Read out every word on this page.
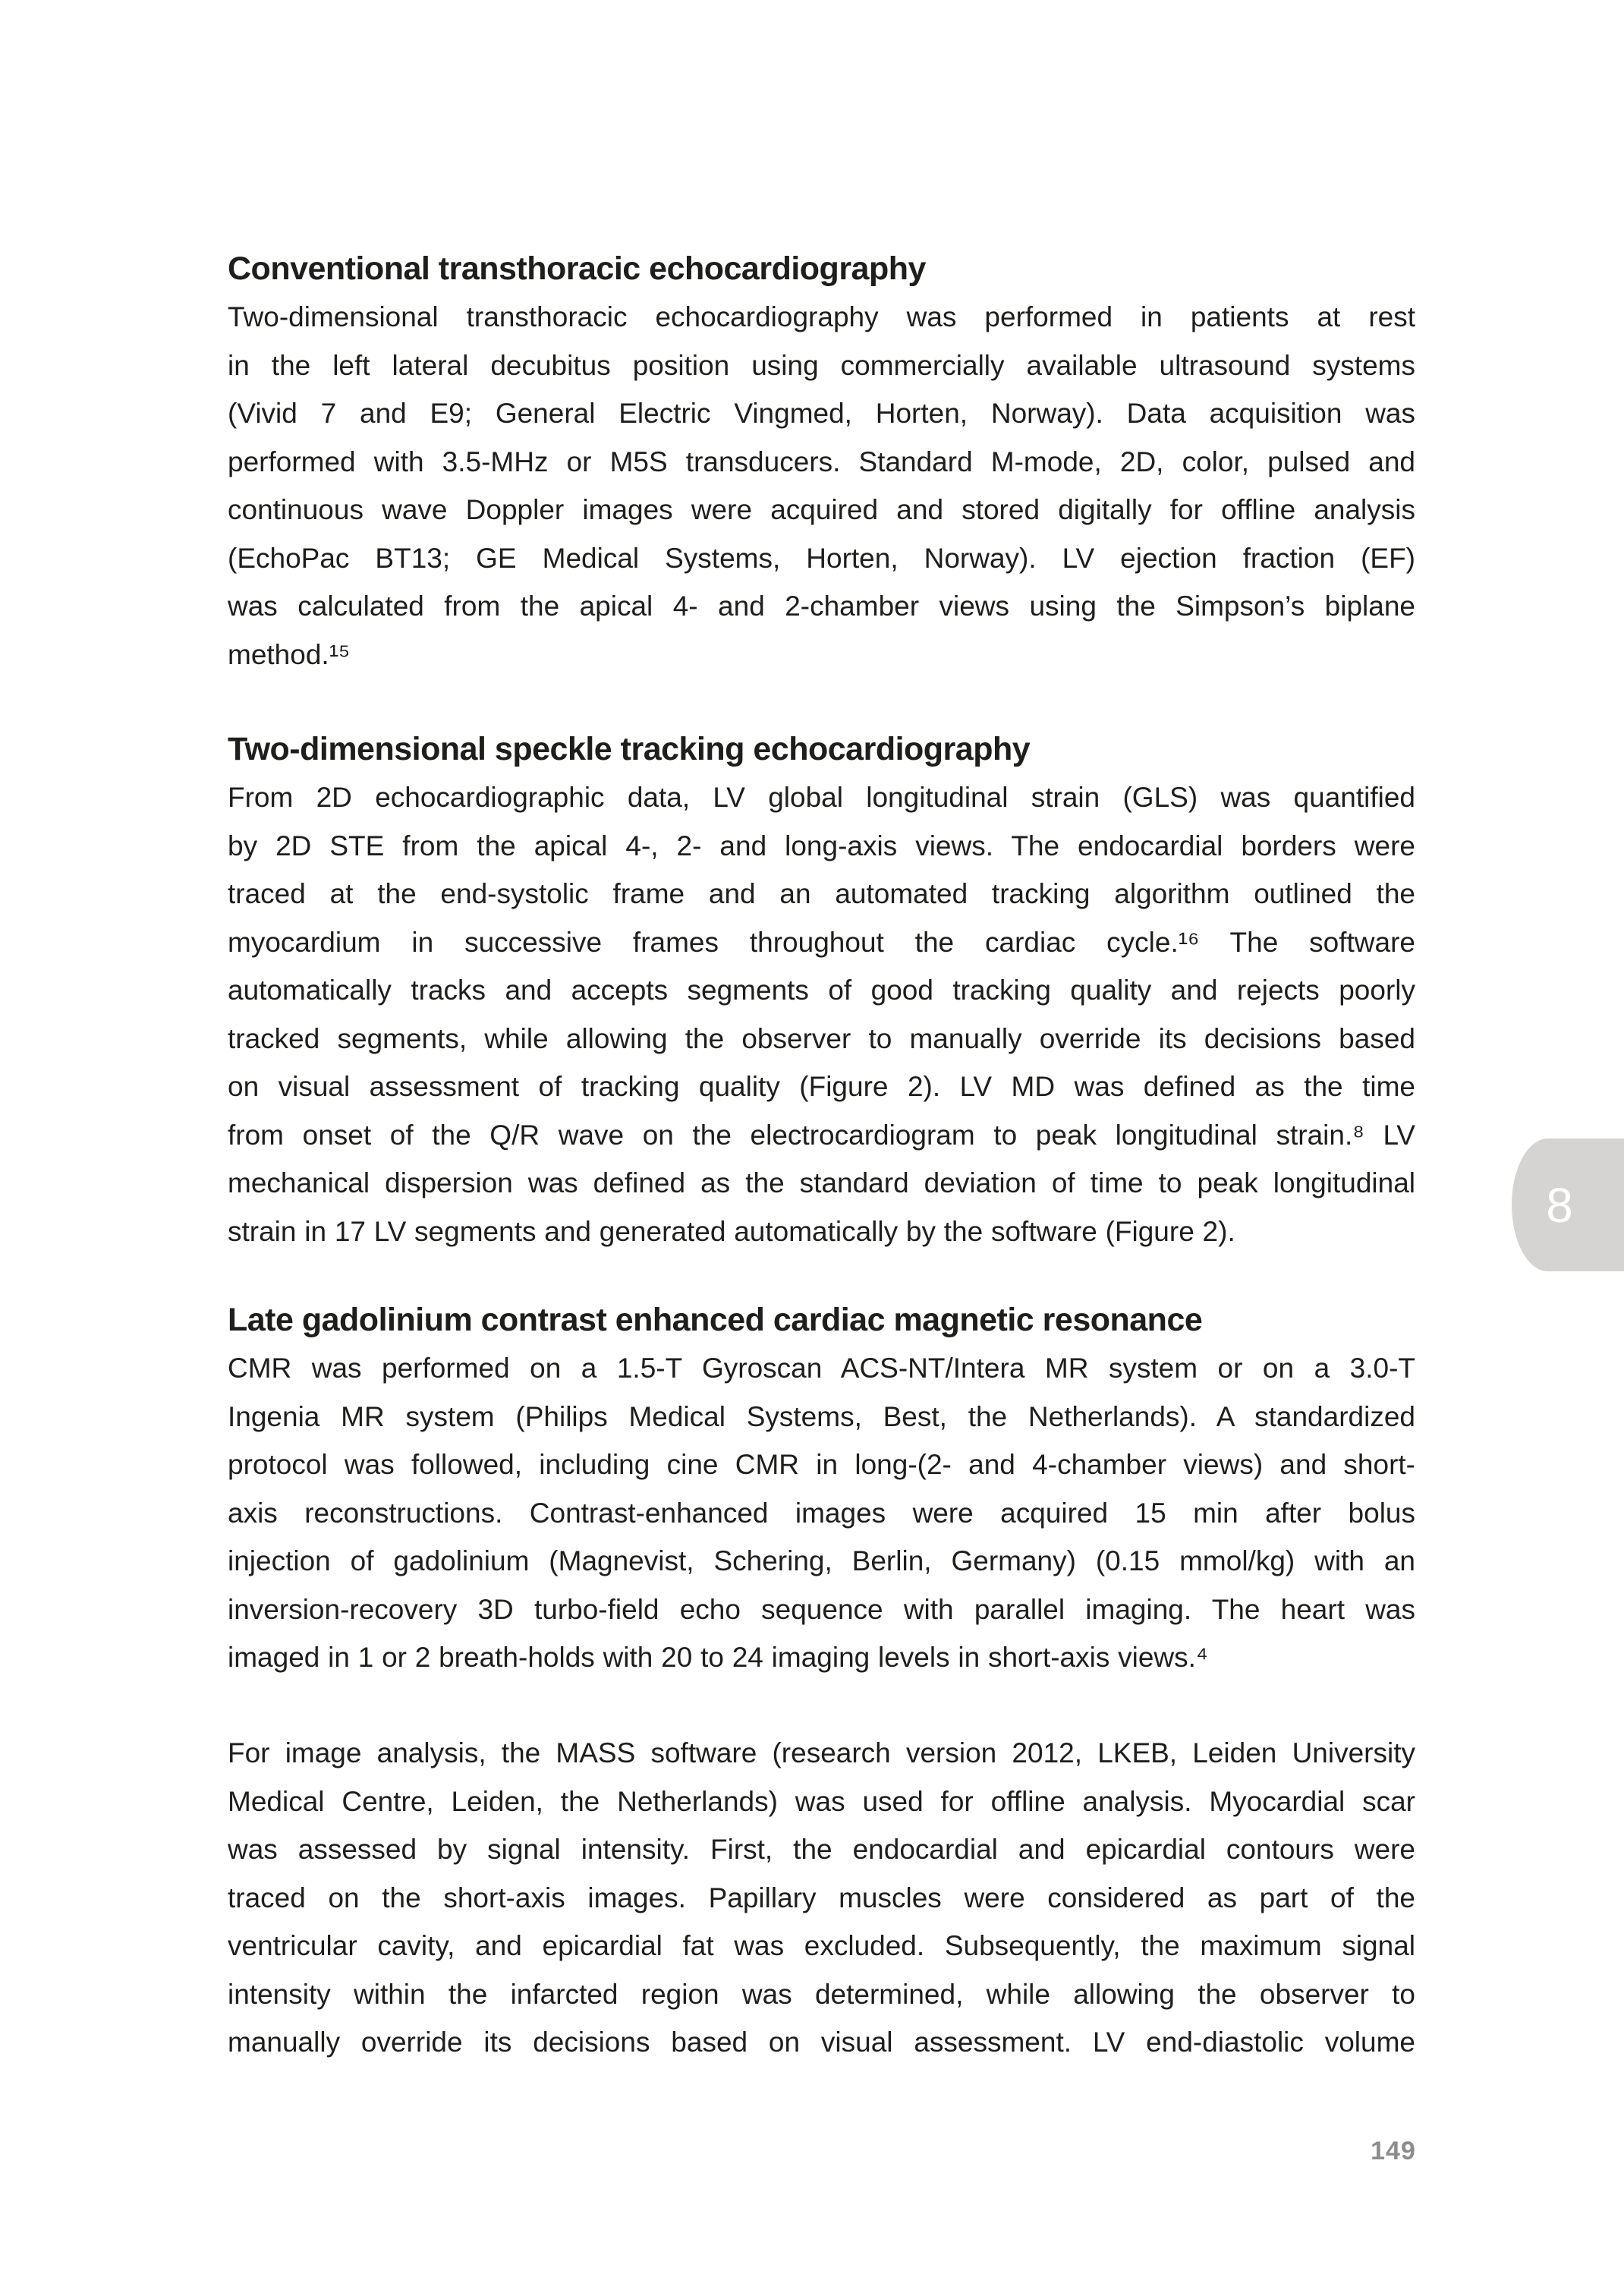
Conventional transthoracic echocardiography
Two-dimensional transthoracic echocardiography was performed in patients at rest
in the left lateral decubitus position using commercially available ultrasound systems
(Vivid 7 and E9; General Electric Vingmed, Horten, Norway). Data acquisition was
performed with 3.5-MHz or M5S transducers. Standard M-mode, 2D, color, pulsed and
continuous wave Doppler images were acquired and stored digitally for offline analysis
(EchoPac BT13; GE Medical Systems, Horten, Norway). LV ejection fraction (EF)
was calculated from the apical 4- and 2-chamber views using the Simpson’s biplane
method.¹⁵
Two-dimensional speckle tracking echocardiography
From 2D echocardiographic data, LV global longitudinal strain (GLS) was quantified
by 2D STE from the apical 4-, 2- and long-axis views. The endocardial borders were
traced at the end-systolic frame and an automated tracking algorithm outlined the
myocardium in successive frames throughout the cardiac cycle.¹⁶ The software
automatically tracks and accepts segments of good tracking quality and rejects poorly
tracked segments, while allowing the observer to manually override its decisions based
on visual assessment of tracking quality (Figure 2). LV MD was defined as the time
from onset of the Q/R wave on the electrocardiogram to peak longitudinal strain.⁸ LV
mechanical dispersion was defined as the standard deviation of time to peak longitudinal
strain in 17 LV segments and generated automatically by the software (Figure 2).
Late gadolinium contrast enhanced cardiac magnetic resonance
CMR was performed on a 1.5-T Gyroscan ACS-NT/Intera MR system or on a 3.0-T
Ingenia MR system (Philips Medical Systems, Best, the Netherlands). A standardized
protocol was followed, including cine CMR in long-(2- and 4-chamber views) and short-
axis reconstructions. Contrast-enhanced images were acquired 15 min after bolus
injection of gadolinium (Magnevist, Schering, Berlin, Germany) (0.15 mmol/kg) with an
inversion-recovery 3D turbo-field echo sequence with parallel imaging. The heart was
imaged in 1 or 2 breath-holds with 20 to 24 imaging levels in short-axis views.⁴
For image analysis, the MASS software (research version 2012, LKEB, Leiden University
Medical Centre, Leiden, the Netherlands) was used for offline analysis. Myocardial scar
was assessed by signal intensity. First, the endocardial and epicardial contours were
traced on the short-axis images. Papillary muscles were considered as part of the
ventricular cavity, and epicardial fat was excluded. Subsequently, the maximum signal
intensity within the infarcted region was determined, while allowing the observer to
manually override its decisions based on visual assessment. LV end-diastolic volume
8
149
